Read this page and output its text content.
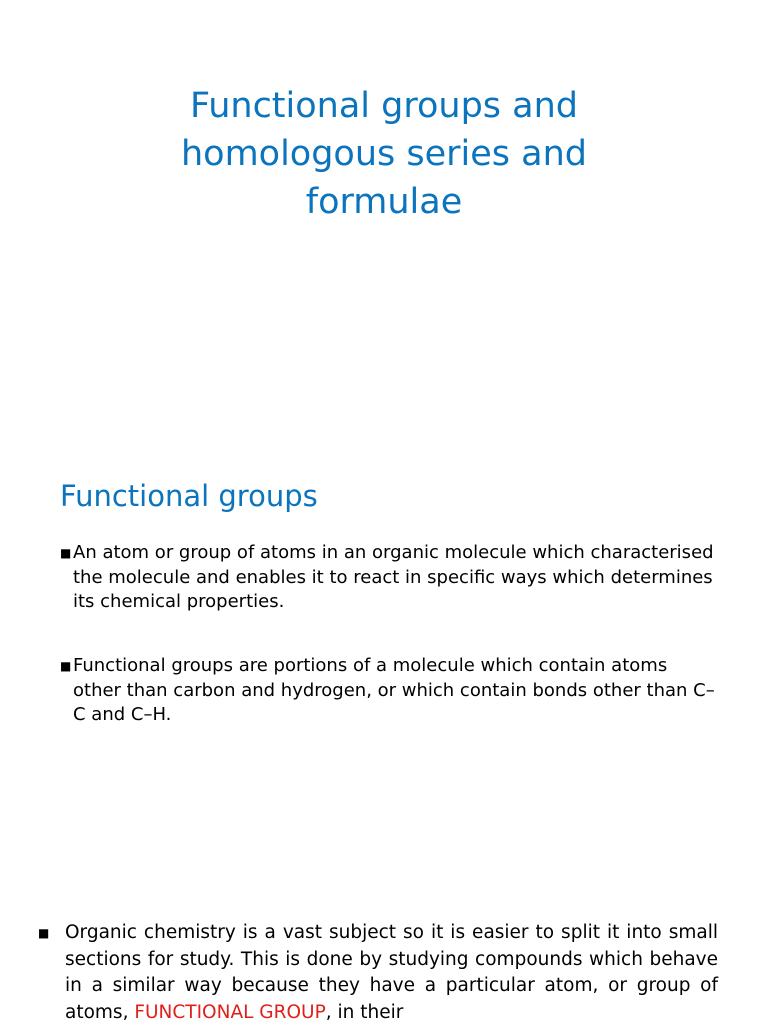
Functional groups and
homologous series and
formulae
Functional groups
■ An atom or group of atoms in an organic molecule which characterised the molecule and enables it to react in specific ways which determines its chemical properties.
■ Functional groups are portions of a molecule which contain atoms other than carbon and hydrogen, or which contain bonds other than C–C and C–H.
■ Organic chemistry is a vast subject so it is easier to split it into small sections for study. This is done by studying compounds which behave in a similar way because they have a particular atom, or group of atoms, FUNCTIONAL GROUP, in their
